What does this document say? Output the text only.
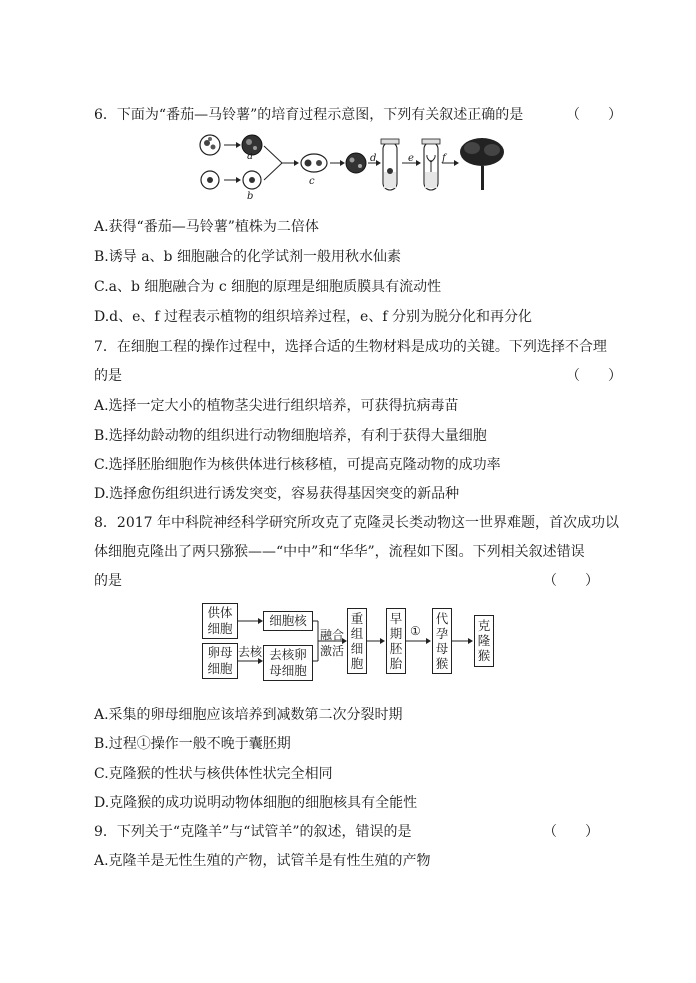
6．下面为“番茄—马铃薯”的培育过程示意图，下列有关叙述正确的是	（　　）
a
b
c
d	e	f
A.获得“番茄—马铃薯”植株为二倍体
B.诱导 a、b 细胞融合的化学试剂一般用秋水仙素
C.a、b 细胞融合为 c 细胞的原理是细胞质膜具有流动性
D.d、e、f 过程表示植物的组织培养过程，e、f 分别为脱分化和再分化
7．在细胞工程的操作过程中，选择合适的生物材料是成功的关键。下列选择不合理
的是	（　　）
A.选择一定大小的植物茎尖进行组织培养，可获得抗病毒苗
B.选择幼龄动物的组织进行动物细胞培养，有利于获得大量细胞
C.选择胚胎细胞作为核供体进行核移植，可提高克隆动物的成功率
D.选择愈伤组织进行诱发突变，容易获得基因突变的新品种
8．2017 年中科院神经科学研究所攻克了克隆灵长类动物这一世界难题，首次成功以
体细胞克隆出了两只猕猴——“中中”和“华华”，流程如下图。下列相关叙述错误
的是	（　　）
供体
细胞
细胞核
卵母
细胞
去核 去核卵
母细胞
融合
激活
重
组
细
胞
早
期
胚
胎
①
代
孕
母
猴
克
隆
猴
A.采集的卵母细胞应该培养到减数第二次分裂时期
B.过程①操作一般不晚于囊胚期
C.克隆猴的性状与核供体性状完全相同
D.克隆猴的成功说明动物体细胞的细胞核具有全能性
9．下列关于“克隆羊”与“试管羊”的叙述，错误的是	（　　）
A.克隆羊是无性生殖的产物，试管羊是有性生殖的产物
